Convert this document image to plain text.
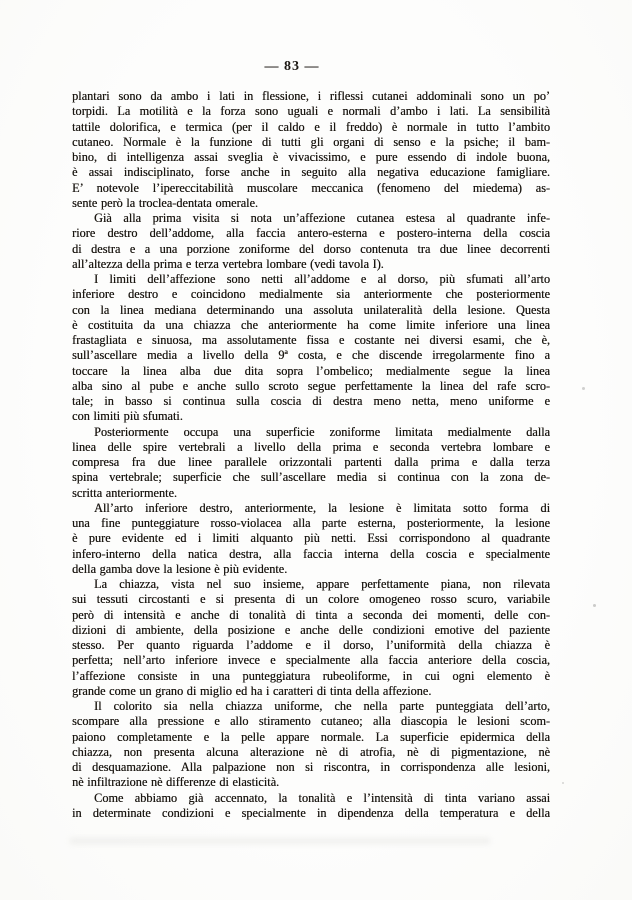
— 83 —
plantari sono da ambo i lati in flessione, i riflessi cutanei addominali sono un po’
torpidi. La motilità e la forza sono uguali e normali d’ambo i lati. La sensibilità
tattile dolorifica, e termica (per il caldo e il freddo) è normale in tutto l’ambito
cutaneo. Normale è la funzione di tutti gli organi di senso e la psiche; il bam-
bino, di intelligenza assai sveglia è vivacissimo, e pure essendo di indole buona,
è assai indisciplinato, forse anche in seguito alla negativa educazione famigliare.
E’ notevole l’ipereccitabilità muscolare meccanica (fenomeno del miedema) as-
sente però la troclea-dentata omerale.
Già alla prima visita si nota un’affezione cutanea estesa al quadrante infe-
riore destro dell’addome, alla faccia antero-esterna e postero-interna della coscia
di destra e a una porzione zoniforme del dorso contenuta tra due linee decorrenti
all’altezza della prima e terza vertebra lombare (vedi tavola I).
I limiti dell’affezione sono netti all’addome e al dorso, più sfumati all’arto
inferiore destro e coincidono medialmente sia anteriormente che posteriormente
con la linea mediana determinando una assoluta unilateralità della lesione. Questa
è costituita da una chiazza che anteriormente ha come limite inferiore una linea
frastagliata e sinuosa, ma assolutamente fissa e costante nei diversi esami, che è,
sull’ascellare media a livello della 9ª costa, e che discende irregolarmente fino a
toccare la linea alba due dita sopra l’ombelico; medialmente segue la linea
alba sino al pube e anche sullo scroto segue perfettamente la linea del rafe scro-
tale; in basso si continua sulla coscia di destra meno netta, meno uniforme e
con limiti più sfumati.
Posteriormente occupa una superficie zoniforme limitata medialmente dalla
linea delle spire vertebrali a livello della prima e seconda vertebra lombare e
compresa fra due linee parallele orizzontali partenti dalla prima e dalla terza
spina vertebrale; superficie che sull’ascellare media si continua con la zona de-
scritta anteriormente.
All’arto inferiore destro, anteriormente, la lesione è limitata sotto forma di
una fine punteggiature rosso-violacea alla parte esterna, posteriormente, la lesione
è pure evidente ed i limiti alquanto più netti. Essi corrispondono al quadrante
infero-interno della natica destra, alla faccia interna della coscia e specialmente
della gamba dove la lesione è più evidente.
La chiazza, vista nel suo insieme, appare perfettamente piana, non rilevata
sui tessuti circostanti e si presenta di un colore omogeneo rosso scuro, variabile
però di intensità e anche di tonalità di tinta a seconda dei momenti, delle con-
dizioni di ambiente, della posizione e anche delle condizioni emotive del paziente
stesso. Per quanto riguarda l’addome e il dorso, l’uniformità della chiazza è
perfetta; nell’arto inferiore invece e specialmente alla faccia anteriore della coscia,
l’affezione consiste in una punteggiatura rubeoliforme, in cui ogni elemento è
grande come un grano di miglio ed ha i caratteri di tinta della affezione.
Il colorito sia nella chiazza uniforme, che nella parte punteggiata dell’arto,
scompare alla pressione e allo stiramento cutaneo; alla diascopia le lesioni scom-
paiono completamente e la pelle appare normale. La superficie epidermica della
chiazza, non presenta alcuna alterazione nè di atrofia, nè di pigmentazione, nè
di desquamazione. Alla palpazione non si riscontra, in corrispondenza alle lesioni,
nè infiltrazione nè differenze di elasticità.
Come abbiamo già accennato, la tonalità e l’intensità di tinta variano assai
in determinate condizioni e specialmente in dipendenza della temperatura e della
